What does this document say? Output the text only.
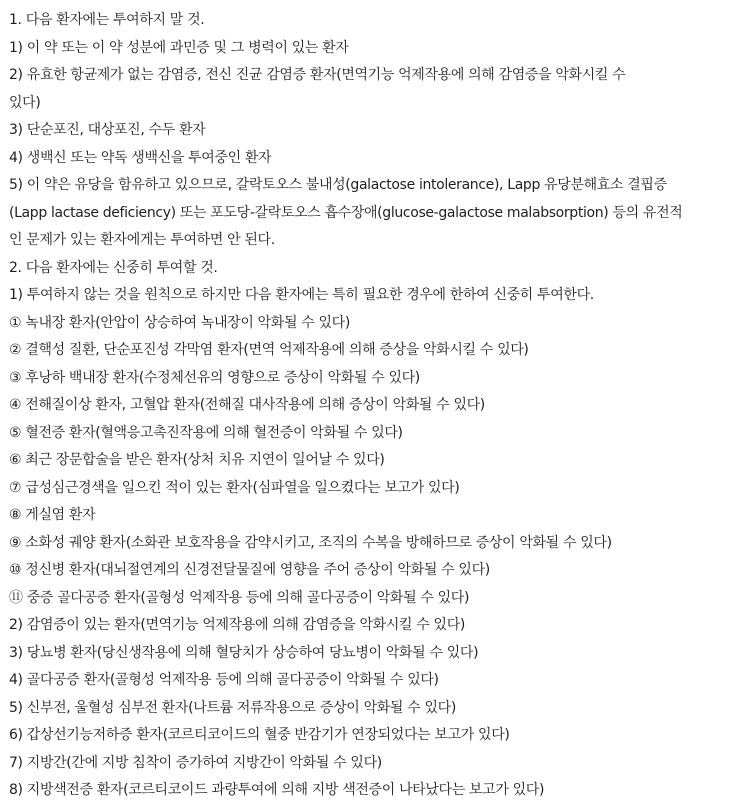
1. 다음 환자에는 투여하지 말 것.

1) 이 약 또는 이 약 성분에 과민증 및 그 병력이 있는 환자

2) 유효한 항균제가 없는 감염증, 전신 진균 감염증 환자(면역기능 억제작용에 의해 감염증을 악화시킬 수

있다)

3) 단순포진, 대상포진, 수두 환자

4) 생백신 또는 약독 생백신을 투여중인 환자

5) 이 약은 유당을 함유하고 있으므로, 갈락토오스 불내성(galactose intolerance), Lapp 유당분해효소 결핍증

(Lapp lactase deficiency) 또는 포도당-갈락토오스 흡수장애(glucose-galactose malabsorption) 등의 유전적

인 문제가 있는 환자에게는 투여하면 안 된다.

2. 다음 환자에는 신중히 투여할 것.

1) 투여하지 않는 것을 원칙으로 하지만 다음 환자에는 특히 필요한 경우에 한하여 신중히 투여한다.

① 녹내장 환자(안압이 상승하여 녹내장이 악화될 수 있다)

② 결핵성 질환, 단순포진성 각막염 환자(면역 억제작용에 의해 증상을 악화시킬 수 있다)

③ 후낭하 백내장 환자(수정체선유의 영향으로 증상이 악화될 수 있다)

④ 전해질이상 환자, 고혈압 환자(전해질 대사작용에 의해 증상이 악화될 수 있다)

⑤ 혈전증 환자(혈액응고촉진작용에 의해 혈전증이 악화될 수 있다)

⑥ 최근 장문합술을 받은 환자(상처 치유 지연이 일어날 수 있다)

⑦ 급성심근경색을 일으킨 적이 있는 환자(심파열을 일으켰다는 보고가 있다)

⑧ 게실염 환자

⑨ 소화성 궤양 환자(소화관 보호작용을 감약시키고, 조직의 수복을 방해하므로 증상이 악화될 수 있다)

⑩ 정신병 환자(대뇌절연계의 신경전달물질에 영향을 주어 증상이 악화될 수 있다)

⑪ 중증 골다공증 환자(골형성 억제작용 등에 의해 골다공증이 악화될 수 있다)

2) 감염증이 있는 환자(면역기능 억제작용에 의해 감염증을 악화시킬 수 있다)

3) 당뇨병 환자(당신생작용에 의해 혈당치가 상승하여 당뇨병이 악화될 수 있다)

4) 골다공증 환자(골형성 억제작용 등에 의해 골다공증이 악화될 수 있다)

5) 신부전, 울혈성 심부전 환자(나트륨 저류작용으로 증상이 악화될 수 있다)

6) 갑상선기능저하증 환자(코르티코이드의 혈중 반감기가 연장되었다는 보고가 있다)

7) 지방간(간에 지방 침착이 증가하여 지방간이 악화될 수 있다)

8) 지방색전증 환자(코르티코이드 과량투여에 의해 지방 색전증이 나타났다는 보고가 있다)
